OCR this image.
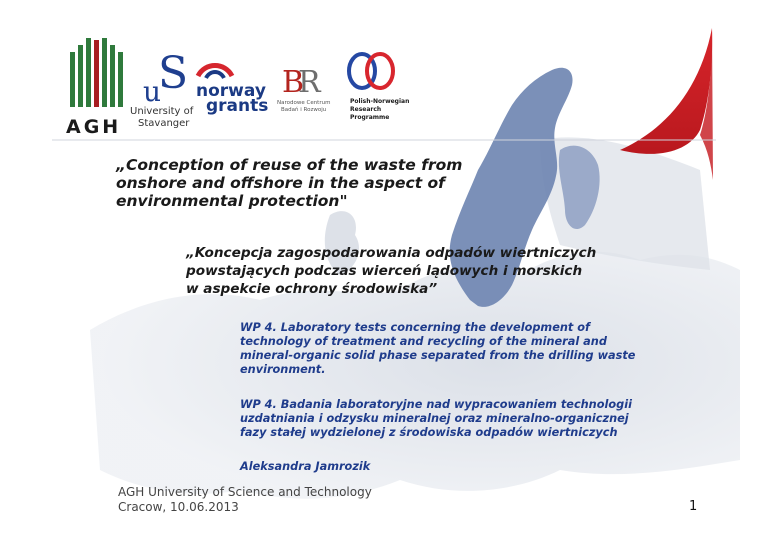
AGH
u
S
University of
Stavanger
norway
grants
B
R
Narodowe Centrum
Badań i Rozwoju
Polish-Norwegian
Research
Programme
„Conception of reuse of the waste from
onshore and offshore in the aspect of
environmental protection"
„Koncepcja zagospodarowania odpadów wiertniczych
powstających podczas wierceń lądowych i morskich
w aspekcie ochrony środowiska”
WP 4. Laboratory tests concerning the development of
technology of treatment and recycling of the mineral and
mineral-organic solid phase separated from the drilling waste
environment.
WP 4. Badania laboratoryjne nad wypracowaniem technologii
uzdatniania i odzysku mineralnej oraz mineralno-organicznej
fazy stałej wydzielonej z środowiska odpadów wiertniczych
Aleksandra Jamrozik
AGH University of Science and Technology
Cracow, 10.06.2013	1
